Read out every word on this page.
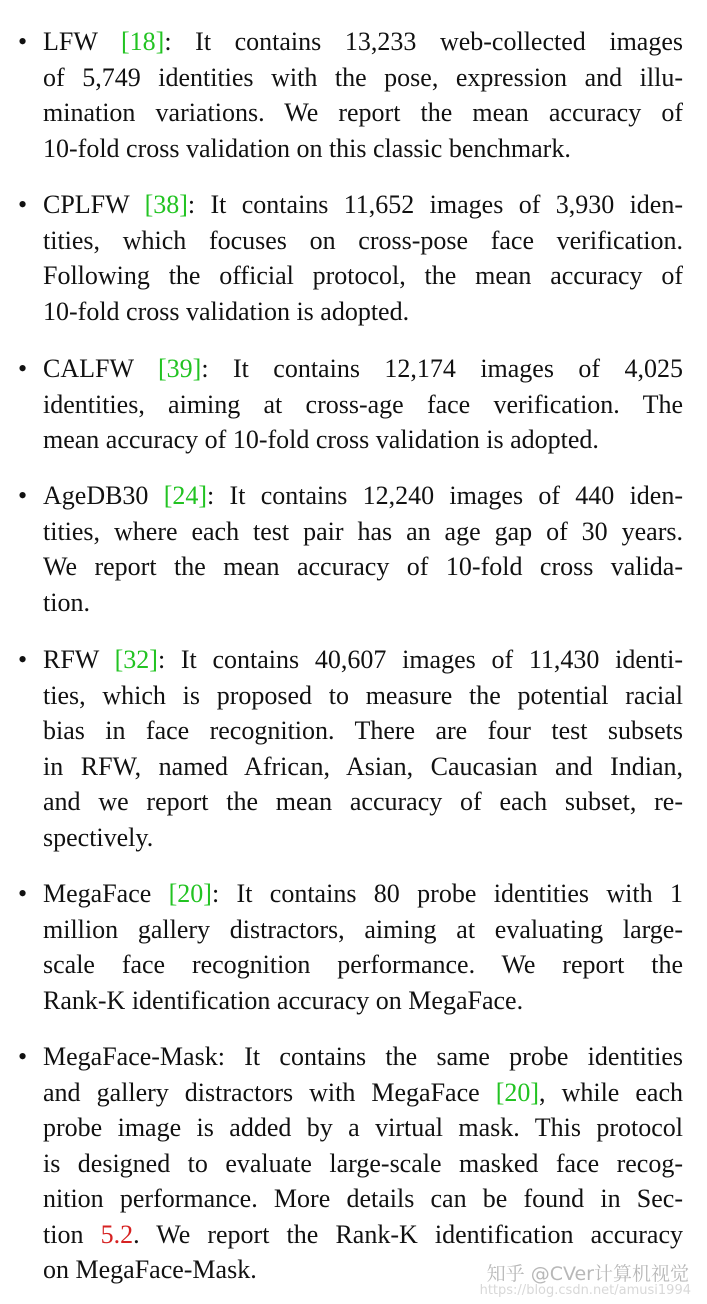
• LFW [18]: It contains 13,233 web-collected images
of 5,749 identities with the pose, expression and illu-
mination variations. We report the mean accuracy of
10-fold cross validation on this classic benchmark.
• CPLFW [38]: It contains 11,652 images of 3,930 iden-
tities, which focuses on cross-pose face verification.
Following the official protocol, the mean accuracy of
10-fold cross validation is adopted.
• CALFW [39]: It contains 12,174 images of 4,025
identities, aiming at cross-age face verification. The
mean accuracy of 10-fold cross validation is adopted.
• AgeDB30 [24]: It contains 12,240 images of 440 iden-
tities, where each test pair has an age gap of 30 years.
We report the mean accuracy of 10-fold cross valida-
tion.
• RFW [32]: It contains 40,607 images of 11,430 identi-
ties, which is proposed to measure the potential racial
bias in face recognition. There are four test subsets
in RFW, named African, Asian, Caucasian and Indian,
and we report the mean accuracy of each subset, re-
spectively.
• MegaFace [20]: It contains 80 probe identities with 1
million gallery distractors, aiming at evaluating large-
scale face recognition performance. We report the
Rank-K identification accuracy on MegaFace.
• MegaFace-Mask: It contains the same probe identities
and gallery distractors with MegaFace [20], while each
probe image is added by a virtual mask. This protocol
is designed to evaluate large-scale masked face recog-
nition performance. More details can be found in Sec-
tion 5.2. We report the Rank-K identification accuracy
on MegaFace-Mask.
https://blog.csdn.net/amusi1994
知乎 @CVer计算机视觉
